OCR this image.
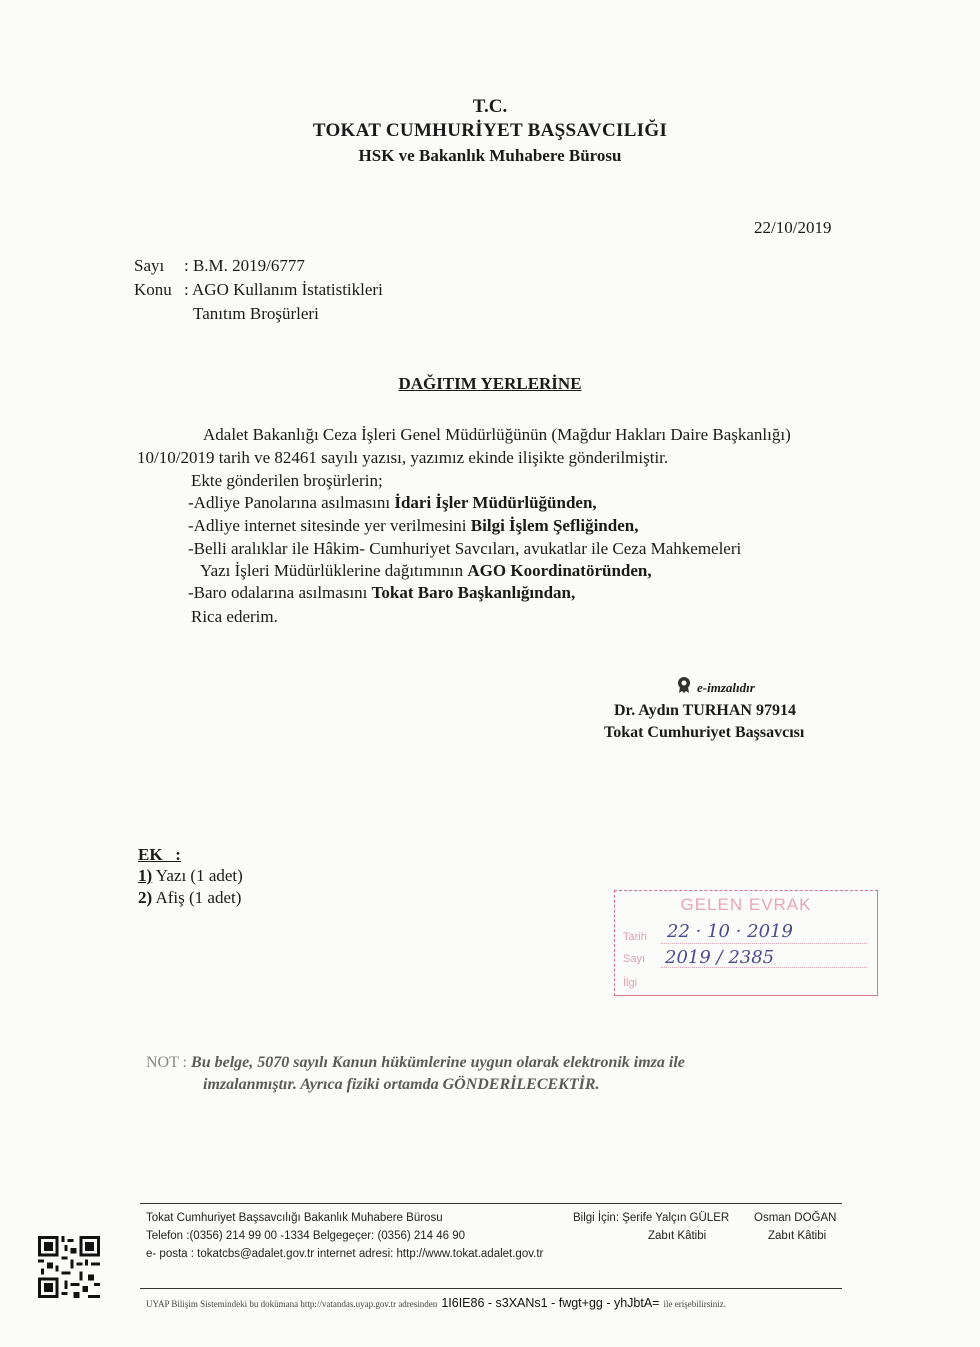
T.C.
TOKAT CUMHURİYET BAŞSAVCILIĞI
HSK ve Bakanlık Muhabere Bürosu
22/10/2019
Sayı : B.M. 2019/6777
Konu : AGO Kullanım İstatistikleri
Tanıtım Broşürleri
DAĞITIM YERLERİNE
Adalet Bakanlığı Ceza İşleri Genel Müdürlüğünün (Mağdur Hakları Daire Başkanlığı)
10/10/2019 tarih ve 82461 sayılı yazısı, yazımız ekinde ilişikte gönderilmiştir.
Ekte gönderilen broşürlerin;
-Adliye Panolarına asılmasını İdari İşler Müdürlüğünden,
-Adliye internet sitesinde yer verilmesini Bilgi İşlem Şefliğinden,
-Belli aralıklar ile Hâkim- Cumhuriyet Savcıları, avukatlar ile Ceza Mahkemeleri
Yazı İşleri Müdürlüklerine dağıtımının AGO Koordinatöründen,
-Baro odalarına asılmasını Tokat Baro Başkanlığından,
Rica ederim.
e-imzalıdır
Dr. Aydın TURHAN 97914
Tokat Cumhuriyet Başsavcısı
EK   :
1) Yazı (1 adet)
2) Afiş (1 adet)	GELEN EVRAK
Tarih 22 · 10 · 2019
Sayı 2019 / 2385
İlgi
NOT : Bu belge, 5070 sayılı Kanun hükümlerine uygun olarak elektronik imza ile
imzalanmıştır. Ayrıca fiziki ortamda GÖNDERİLECEKTİR.
Tokat Cumhuriyet Başsavcılığı Bakanlık Muhabere Bürosu
Telefon :(0356) 214 99 00 -1334 Belgegeçer: (0356) 214 46 90
e- posta : tokatcbs@adalet.gov.tr internet adresi: http://www.tokat.adalet.gov.tr
Bilgi İçin: Şerife Yalçın GÜLER Osman DOĞAN
Zabıt Kâtibi	Zabıt Kâtibi
UYAP Bilişim Sistemindeki bu dokümana http://vatandas.uyap.gov.tr adresinden 1I6IE86 - s3XANs1 - fwgt+gg - yhJbtA= ile erişebilirsiniz.
